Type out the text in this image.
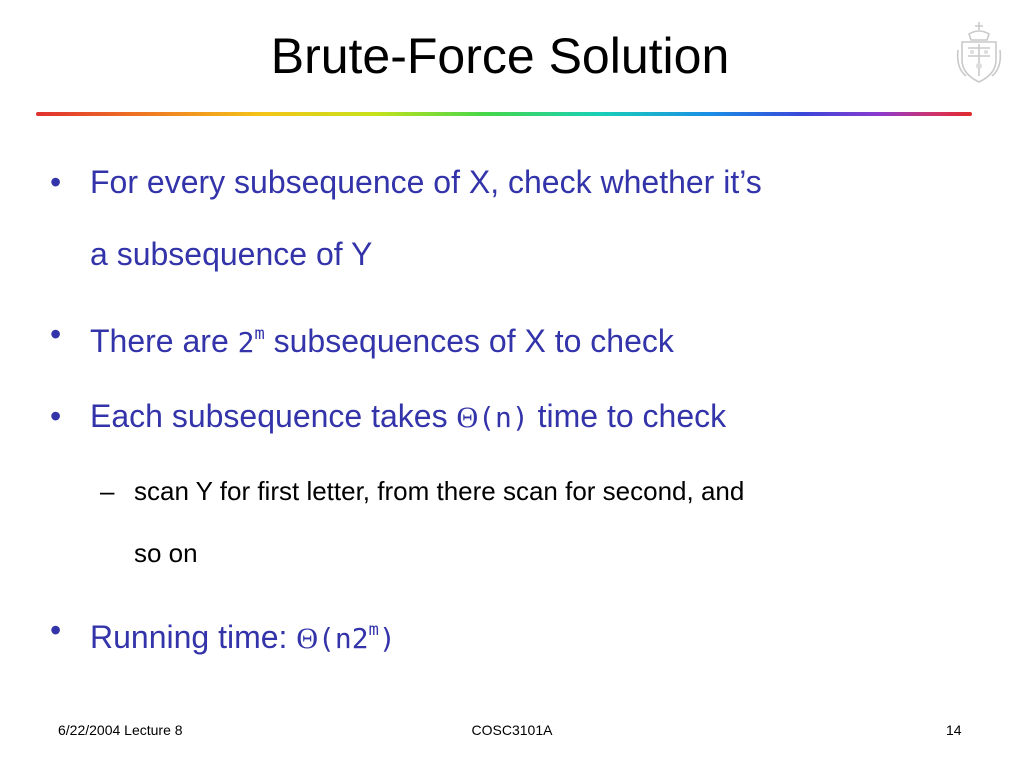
Brute-Force Solution
• For every subsequence of X, check whether it’s
a subsequence of Y
• There are 2$^m$ subsequences of X to check
• Each subsequence takes Θ(n) time to check
– scan Y for first letter, from there scan for second, and
so on
• Running time: Θ(n2$^m$)
6/22/2004 Lecture 8	COSC3101A	14
